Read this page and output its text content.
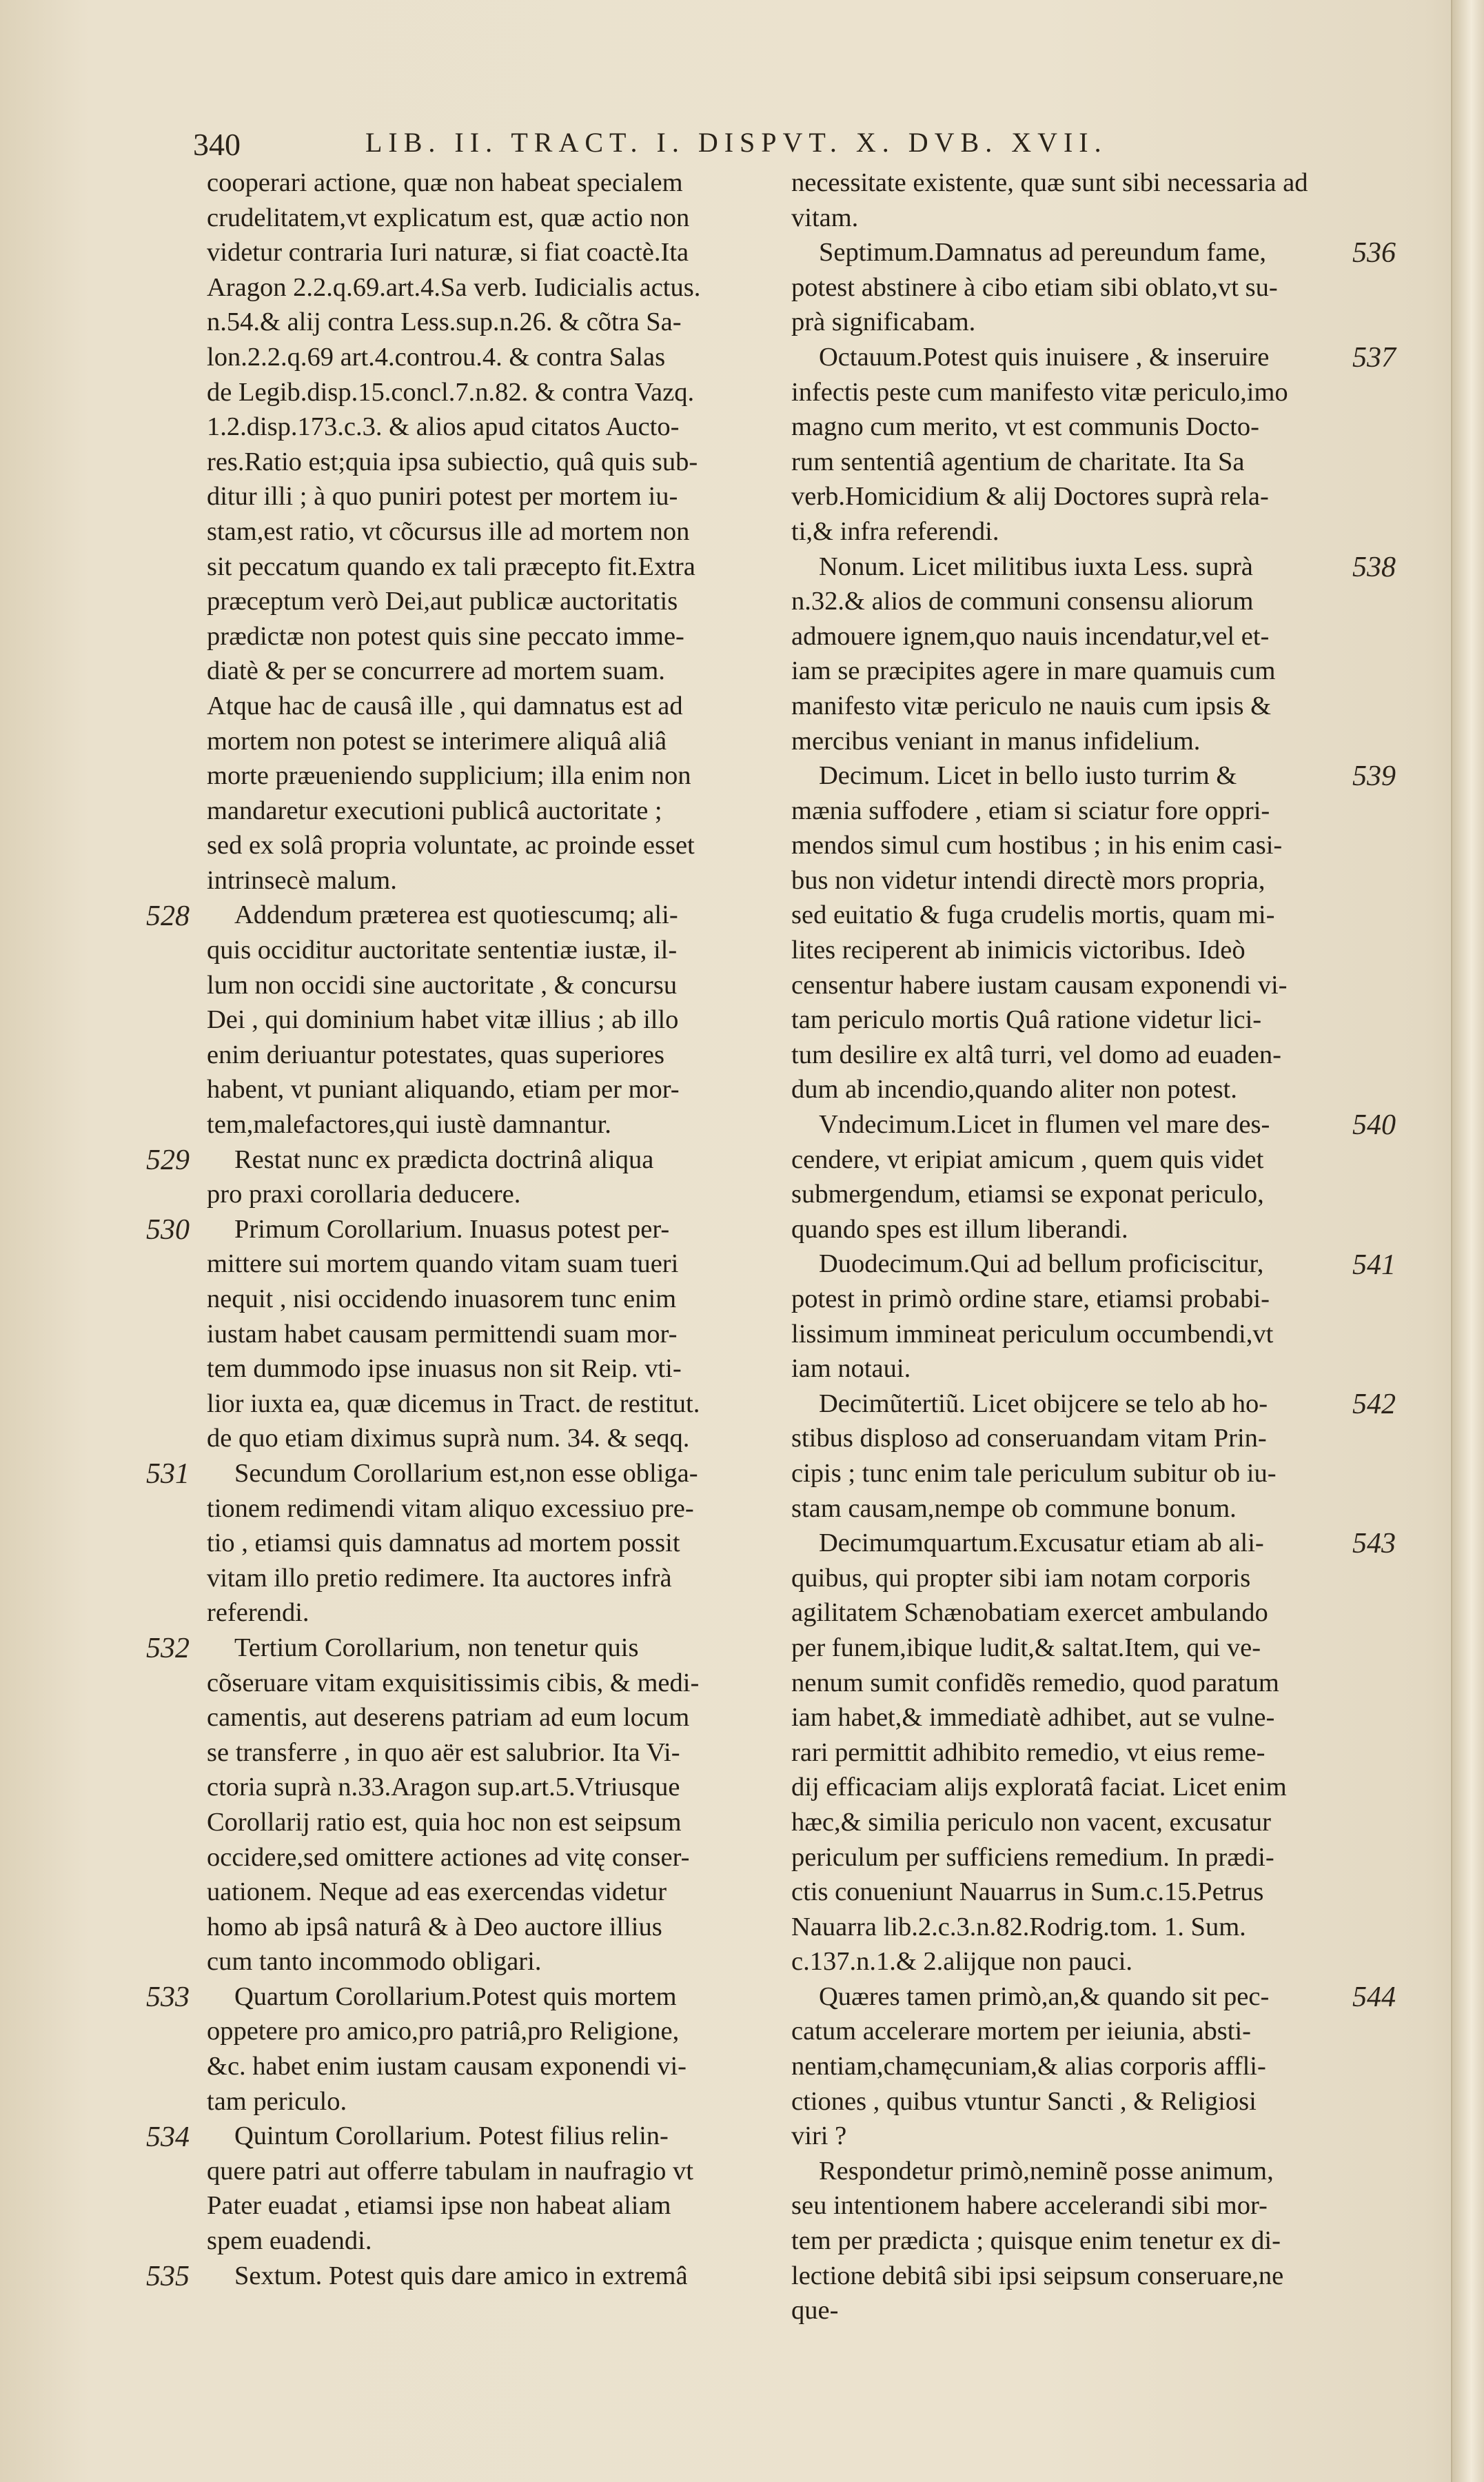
340	LIB. II. TRACT. I. DISPVT. X. DVB. XVII.
cooperari actione, quæ non habeat specialem
crudelitatem,vt explicatum est, quæ actio non
videtur contraria Iuri naturæ, si fiat coactè.Ita
Aragon 2.2.q.69.art.4.Sa verb. Iudicialis actus.
n.54.& alij contra Less.sup.n.26. & cõtra Sa-
lon.2.2.q.69 art.4.controu.4. & contra Salas
de Legib.disp.15.concl.7.n.82. & contra Vazq.
1.2.disp.173.c.3. & alios apud citatos Aucto-
res.Ratio est;quia ipsa subiectio, quâ quis sub-
ditur illi ; à quo puniri potest per mortem iu-
stam,est ratio, vt cõcursus ille ad mortem non
sit peccatum quando ex tali præcepto fit.Extra
præceptum verò Dei,aut publicæ auctoritatis
prædictæ non potest quis sine peccato imme-
diatè & per se concurrere ad mortem suam.
Atque hac de causâ ille , qui damnatus est ad
mortem non potest se interimere aliquâ aliâ
morte præueniendo supplicium; illa enim non
mandaretur executioni publicâ auctoritate ;
sed ex solâ propria voluntate, ac proinde esset
intrinsecè malum.
Addendum præterea est quotiescumq; ali-
quis occiditur auctoritate sententiæ iustæ, il-
lum non occidi sine auctoritate , & concursu
Dei , qui dominium habet vitæ illius ; ab illo
enim deriuantur potestates, quas superiores
habent, vt puniant aliquando, etiam per mor-
tem,malefactores,qui iustè damnantur.
Restat nunc ex prædicta doctrinâ aliqua
pro praxi corollaria deducere.
Primum Corollarium. Inuasus potest per-
mittere sui mortem quando vitam suam tueri
nequit , nisi occidendo inuasorem tunc enim
iustam habet causam permittendi suam mor-
tem dummodo ipse inuasus non sit Reip. vti-
lior iuxta ea, quæ dicemus in Tract. de restitut.
de quo etiam diximus suprà num. 34. & seqq.
Secundum Corollarium est,non esse obliga-
tionem redimendi vitam aliquo excessiuo pre-
tio , etiamsi quis damnatus ad mortem possit
vitam illo pretio redimere. Ita auctores infrà
referendi.
Tertium Corollarium, non tenetur quis
cõseruare vitam exquisitissimis cibis, & medi-
camentis, aut deserens patriam ad eum locum
se transferre , in quo aër est salubrior. Ita Vi-
ctoria suprà n.33.Aragon sup.art.5.Vtriusque
Corollarij ratio est, quia hoc non est seipsum
occidere,sed omittere actiones ad vitę conser-
uationem. Neque ad eas exercendas videtur
homo ab ipsâ naturâ & à Deo auctore illius
cum tanto incommodo obligari.
Quartum Corollarium.Potest quis mortem
oppetere pro amico,pro patriâ,pro Religione,
&c. habet enim iustam causam exponendi vi-
tam periculo.
Quintum Corollarium. Potest filius relin-
quere patri aut offerre tabulam in naufragio vt
Pater euadat , etiamsi ipse non habeat aliam
spem euadendi.
Sextum. Potest quis dare amico in extremâ
necessitate existente, quæ sunt sibi necessaria ad
vitam.
Septimum.Damnatus ad pereundum fame,
potest abstinere à cibo etiam sibi oblato,vt su-
prà significabam.
Octauum.Potest quis inuisere , & inseruire
infectis peste cum manifesto vitæ periculo,imo
magno cum merito, vt est communis Docto-
rum sententiâ agentium de charitate. Ita Sa
verb.Homicidium & alij Doctores suprà rela-
ti,& infra referendi.
Nonum. Licet militibus iuxta Less. suprà
n.32.& alios de communi consensu aliorum
admouere ignem,quo nauis incendatur,vel et-
iam se præcipites agere in mare quamuis cum
manifesto vitæ periculo ne nauis cum ipsis &
mercibus veniant in manus infidelium.
Decimum. Licet in bello iusto turrim &
mænia suffodere , etiam si sciatur fore oppri-
mendos simul cum hostibus ; in his enim casi-
bus non videtur intendi directè mors propria,
sed euitatio & fuga crudelis mortis, quam mi-
lites reciperent ab inimicis victoribus. Ideò
censentur habere iustam causam exponendi vi-
tam periculo mortis Quâ ratione videtur lici-
tum desilire ex altâ turri, vel domo ad euaden-
dum ab incendio,quando aliter non potest.
Vndecimum.Licet in flumen vel mare des-
cendere, vt eripiat amicum , quem quis videt
submergendum, etiamsi se exponat periculo,
quando spes est illum liberandi.
Duodecimum.Qui ad bellum proficiscitur,
potest in primò ordine stare, etiamsi probabi-
lissimum immineat periculum occumbendi,vt
iam notaui.
Decimũtertiũ. Licet obijcere se telo ab ho-
stibus disploso ad conseruandam vitam Prin-
cipis ; tunc enim tale periculum subitur ob iu-
stam causam,nempe ob commune bonum.
Decimumquartum.Excusatur etiam ab ali-
quibus, qui propter sibi iam notam corporis
agilitatem Schænobatiam exercet ambulando
per funem,ibique ludit,& saltat.Item, qui ve-
nenum sumit confidẽs remedio, quod paratum
iam habet,& immediatè adhibet, aut se vulne-
rari permittit adhibito remedio, vt eius reme-
dij efficaciam alijs exploratâ faciat. Licet enim
hæc,& similia periculo non vacent, excusatur
periculum per sufficiens remedium. In prædi-
ctis conueniunt Nauarrus in Sum.c.15.Petrus
Nauarra lib.2.c.3.n.82.Rodrig.tom. 1. Sum.
c.137.n.1.& 2.alijque non pauci.
Quæres tamen primò,an,& quando sit pec-
catum accelerare mortem per ieiunia, absti-
nentiam,chamęcuniam,& alias corporis affli-
ctiones , quibus vtuntur Sancti , & Religiosi
viri ?
Respondetur primò,neminẽ posse animum,
seu intentionem habere accelerandi sibi mor-
tem per prædicta ; quisque enim tenetur ex di-
lectione debitâ sibi ipsi seipsum conseruare,ne
que-
528
529
530
531
532
533
534
535
536
537
538
539
540
541
542
543
544
